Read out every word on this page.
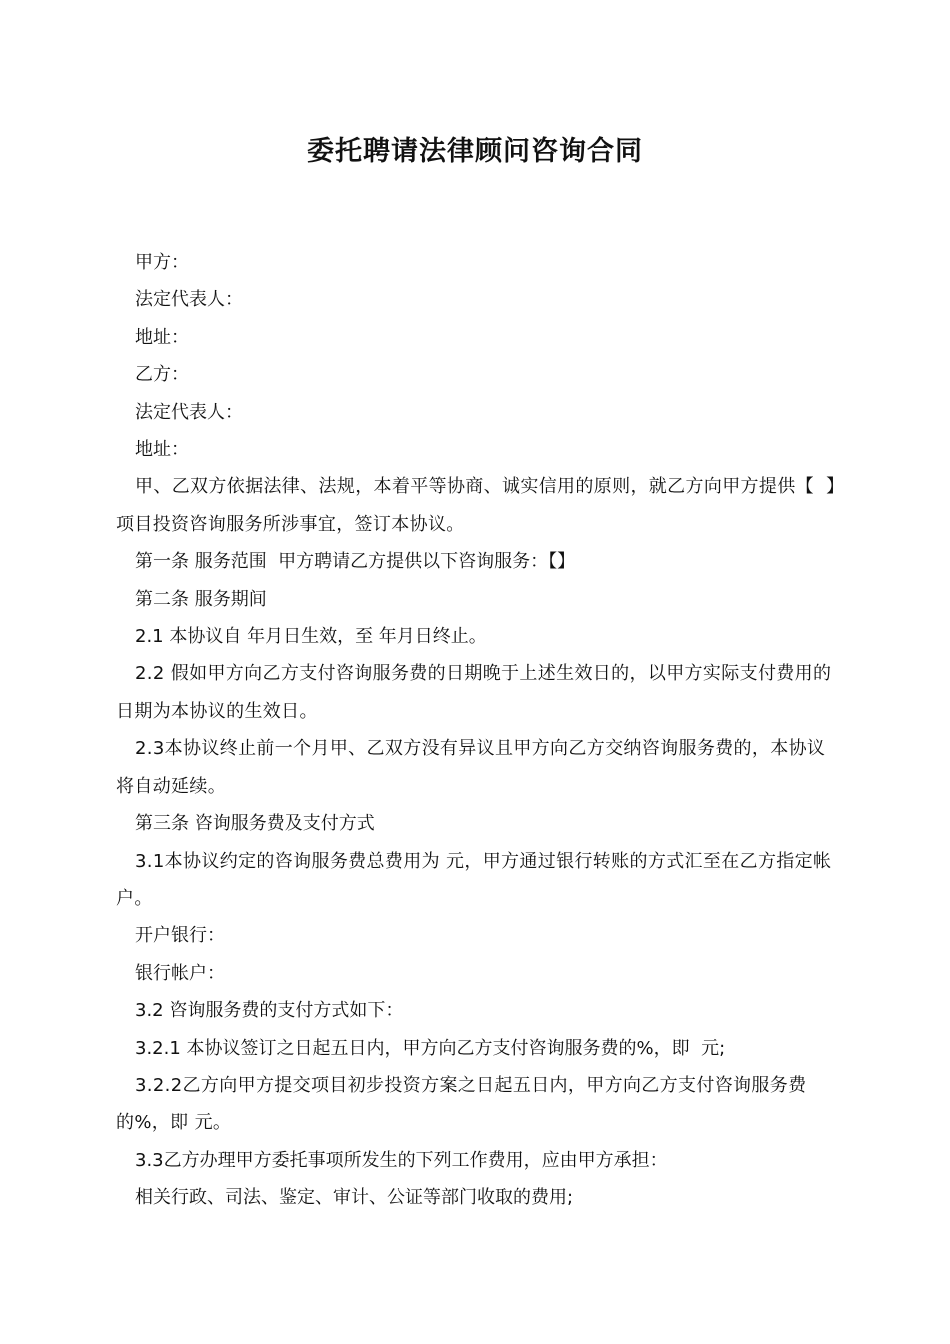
委托聘请法律顾问咨询合同

甲方：

法定代表人：

地址：

乙方：

法定代表人：

地址：

甲、乙双方依据法律、法规，本着平等协商、诚实信用的原则，就乙方向甲方提供【  】项目投资咨询服务所涉事宜，签订本协议。

第一条 服务范围  甲方聘请乙方提供以下咨询服务：【】

第二条 服务期间

2.1 本协议自 年月日生效，至 年月日终止。

2.2 假如甲方向乙方支付咨询服务费的日期晚于上述生效日的，以甲方实际支付费用的日期为本协议的生效日。

2.3本协议终止前一个月甲、乙双方没有异议且甲方向乙方交纳咨询服务费的，本协议将自动延续。

第三条 咨询服务费及支付方式

3.1本协议约定的咨询服务费总费用为 元，甲方通过银行转账的方式汇至在乙方指定帐户。

开户银行：

银行帐户：

3.2 咨询服务费的支付方式如下：

3.2.1 本协议签订之日起五日内，甲方向乙方支付咨询服务费的%，即  元;

3.2.2乙方向甲方提交项目初步投资方案之日起五日内，甲方向乙方支付咨询服务费的%，即 元。

3.3乙方办理甲方委托事项所发生的下列工作费用，应由甲方承担：

相关行政、司法、鉴定、审计、公证等部门收取的费用;
